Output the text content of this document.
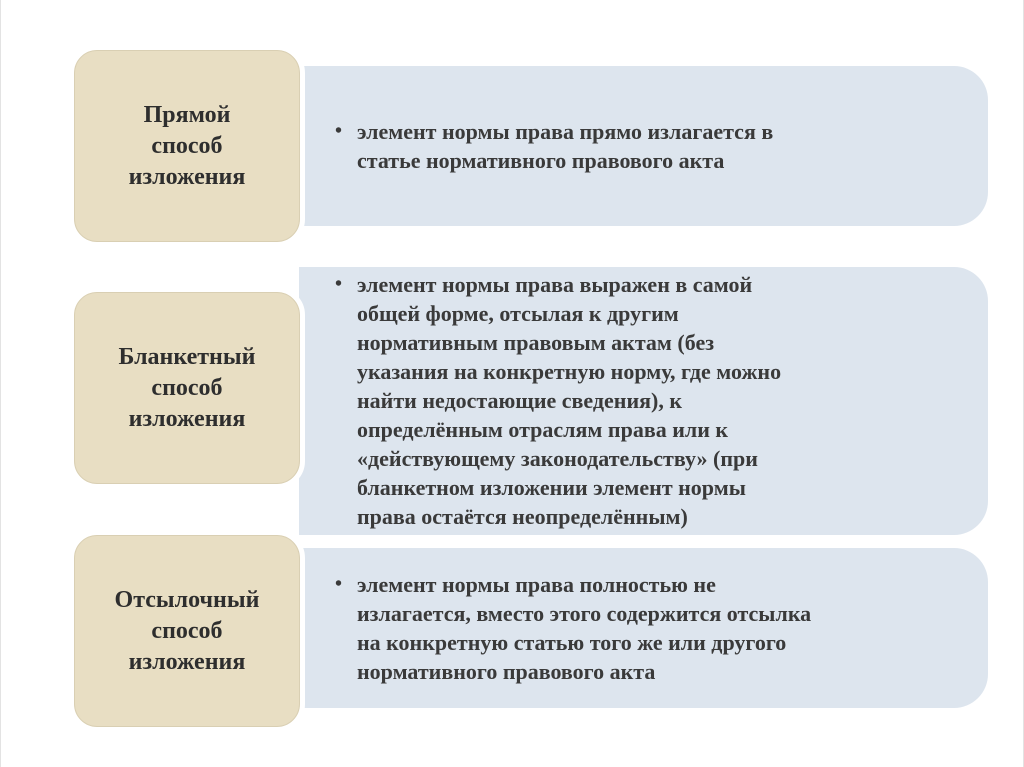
• элемент нормы права прямо излагается в
статье нормативного правового акта
Прямой
способ
изложения
• элемент нормы права выражен в самой
общей форме, отсылая к другим
нормативным правовым актам (без
указания на конкретную норму, где можно
найти недостающие сведения), к
определённым отраслям права или к
«действующему законодательству» (при
бланкетном изложении элемент нормы
права остаётся неопределённым)
Бланкетный
способ
изложения
• элемент нормы права полностью не
излагается, вместо этого содержится отсылка
на конкретную статью того же или другого
нормативного правового акта
Отсылочный
способ
изложения
